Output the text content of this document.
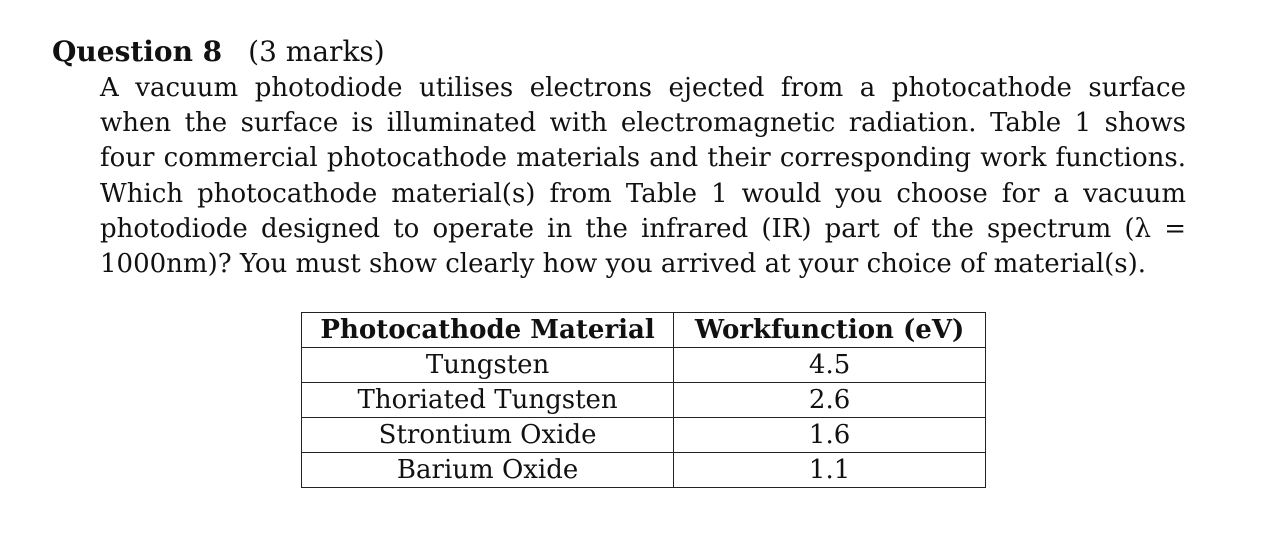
Question 8 (3 marks)

A vacuum photodiode utilises electrons ejected from a photocathode surface when the surface is illuminated with electromagnetic radiation. Table 1 shows four commercial photocathode materials and their corresponding work functions. Which photocathode material(s) from Table 1 would you choose for a vacuum photodiode designed to operate in the infrared (IR) part of the spectrum (λ = 1000nm)? You must show clearly how you arrived at your choice of material(s).

Photocathode Material	Workfunction (eV)
Tungsten	4.5
Thoriated Tungsten	2.6
Strontium Oxide	1.6
Barium Oxide	1.1
